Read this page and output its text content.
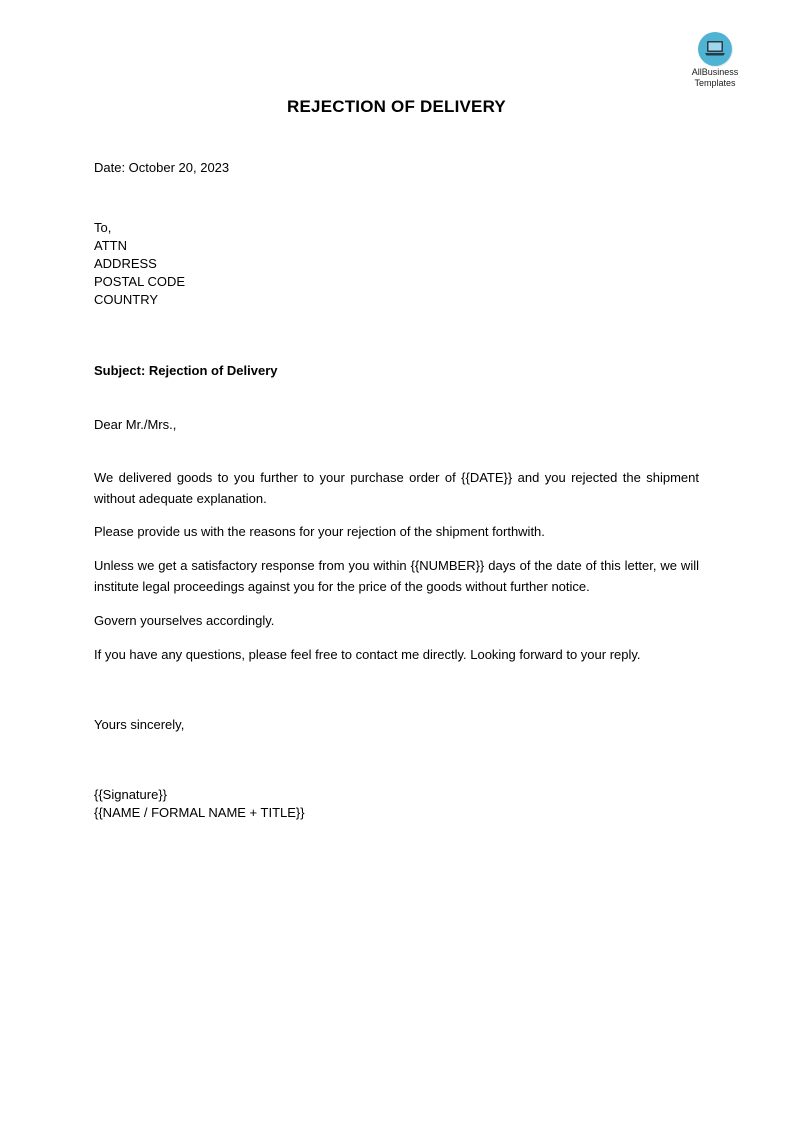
AllBusiness
Templates
REJECTION OF DELIVERY
Date: October 20, 2023
To,
ATTN
ADDRESS
POSTAL CODE
COUNTRY
Subject: Rejection of Delivery
Dear Mr./Mrs.,
We delivered goods to you further to your purchase order of {{DATE}} and you rejected the shipment without adequate explanation.
Please provide us with the reasons for your rejection of the shipment forthwith.
Unless we get a satisfactory response from you within {{NUMBER}} days of the date of this letter, we will institute legal proceedings against you for the price of the goods without further notice.
Govern yourselves accordingly.
If you have any questions, please feel free to contact me directly. Looking forward to your reply.
Yours sincerely,
{{Signature}}
{{NAME / FORMAL NAME + TITLE}}
